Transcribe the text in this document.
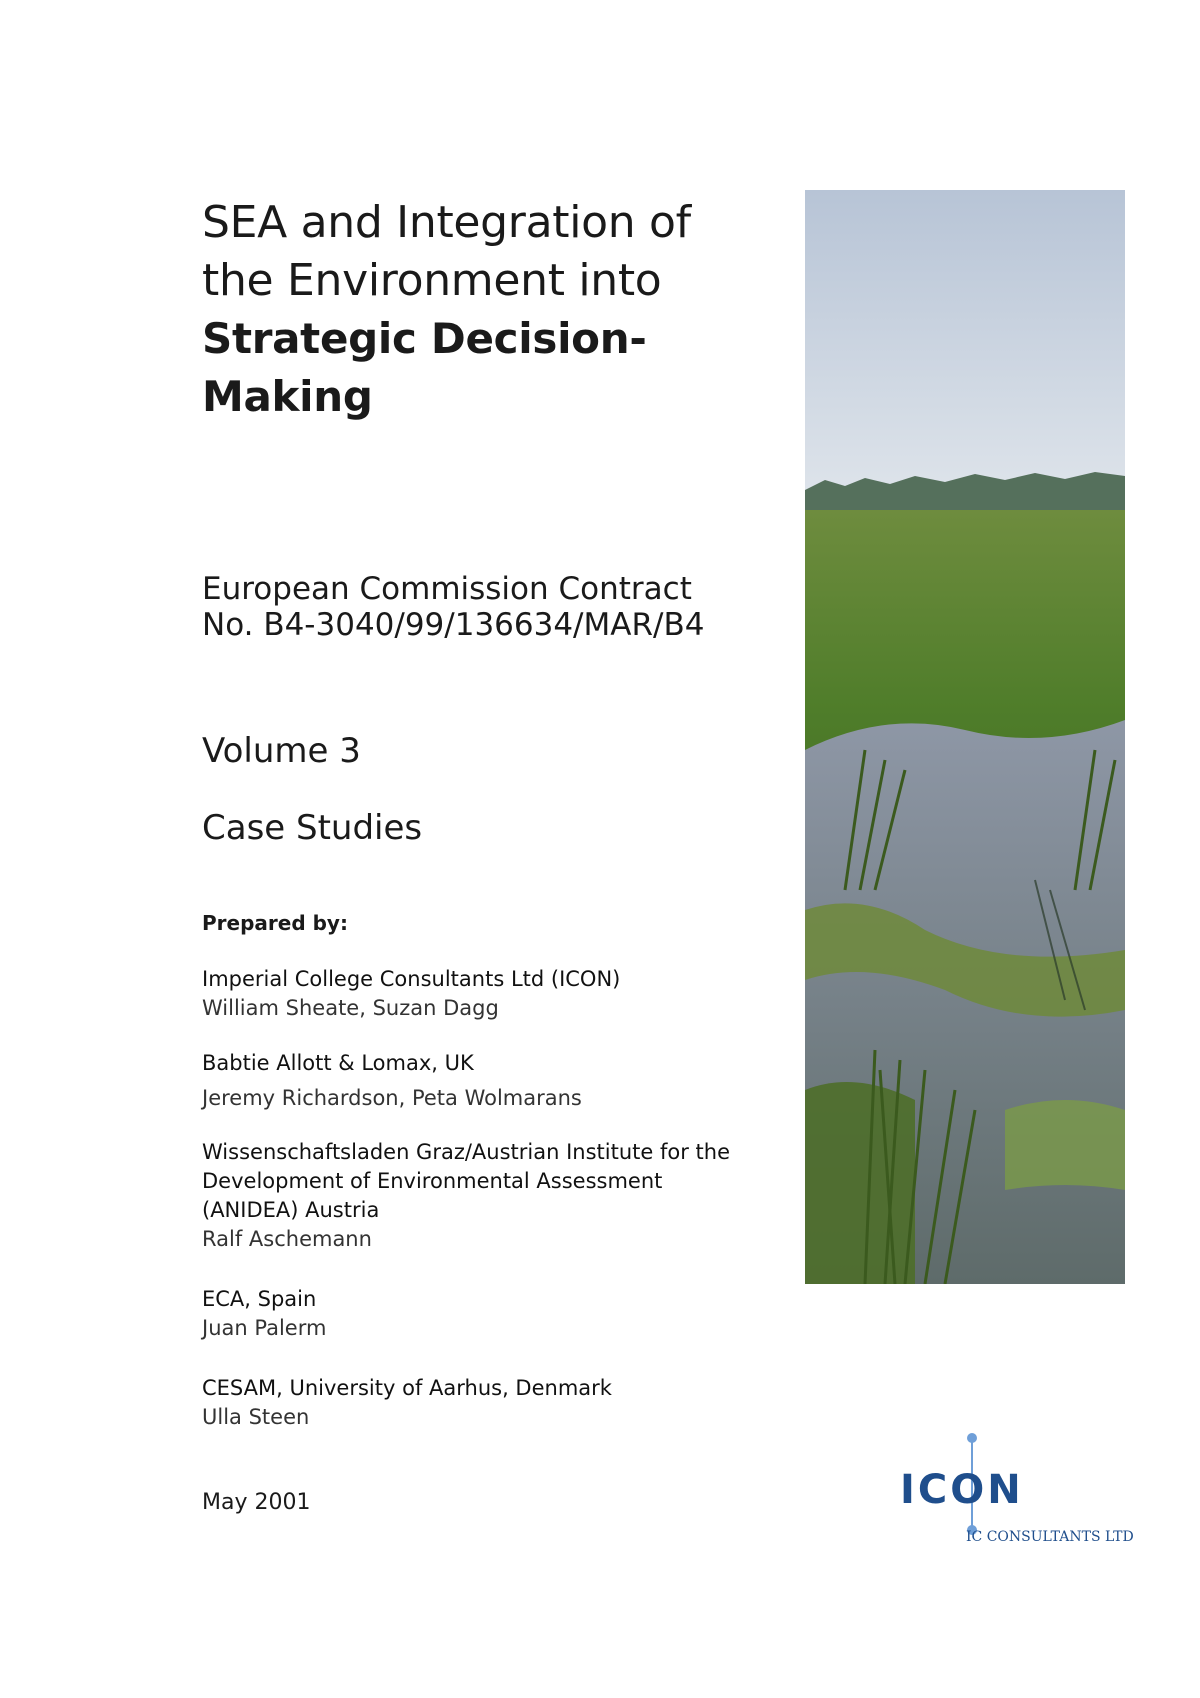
SEA and Integration of
the Environment into
Strategic Decision-
Making
European Commission Contract
No. B4-3040/99/136634/MAR/B4
Volume 3
Case Studies
Prepared by:
Imperial College Consultants Ltd (ICON)
William Sheate, Suzan Dagg
Babtie Allott & Lomax, UK
Jeremy Richardson, Peta Wolmarans
Wissenschaftsladen Graz/Austrian Institute for the
Development of Environmental Assessment
(ANIDEA) Austria
Ralf Aschemann
ECA, Spain
Juan Palerm
CESAM, University of Aarhus, Denmark
Ulla Steen
May 2001	ICON
IC CONSULTANTS LTD
